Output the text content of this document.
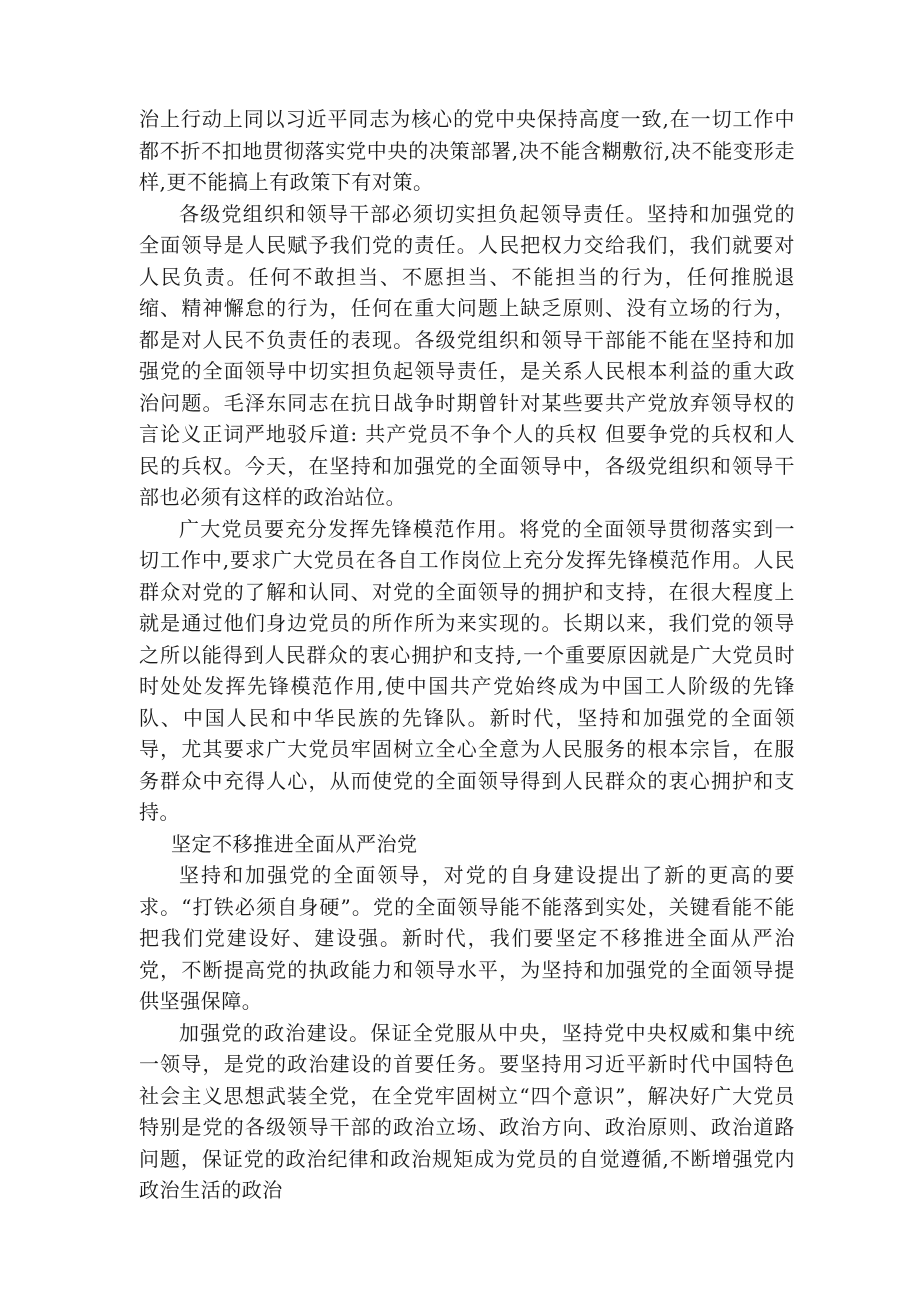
治上行动上同以习近平同志为核心的党中央保持高度一致,在一切工作中都不折不扣地贯彻落实党中央的决策部署,决不能含糊敷衍,决不能变形走样,更不能搞上有政策下有对策。

各级党组织和领导干部必须切实担负起领导责任。坚持和加强党的全面领导是人民赋予我们党的责任。人民把权力交给我们，我们就要对人民负责。任何不敢担当、不愿担当、不能担当的行为，任何推脱退缩、精神懈怠的行为，任何在重大问题上缺乏原则、没有立场的行为，都是对人民不负责任的表现。各级党组织和领导干部能不能在坚持和加强党的全面领导中切实担负起领导责任，是关系人民根本利益的重大政治问题。毛泽东同志在抗日战争时期曾针对某些要共产党放弃领导权的言论义正词严地驳斥道: 共产党员不争个人的兵权 但要争党的兵权和人民的兵权。今天，在坚持和加强党的全面领导中，各级党组织和领导干部也必须有这样的政治站位。

广大党员要充分发挥先锋模范作用。将党的全面领导贯彻落实到一切工作中,要求广大党员在各自工作岗位上充分发挥先锋模范作用。人民群众对党的了解和认同、对党的全面领导的拥护和支持，在很大程度上就是通过他们身边党员的所作所为来实现的。长期以来，我们党的领导之所以能得到人民群众的衷心拥护和支持,一个重要原因就是广大党员时时处处发挥先锋模范作用,使中国共产党始终成为中国工人阶级的先锋队、中国人民和中华民族的先锋队。新时代，坚持和加强党的全面领导，尤其要求广大党员牢固树立全心全意为人民服务的根本宗旨，在服务群众中充得人心，从而使党的全面领导得到人民群众的衷心拥护和支持。

坚定不移推进全面从严治党

坚持和加强党的全面领导，对党的自身建设提出了新的更高的要求。“打铁必须自身硬”。党的全面领导能不能落到实处，关键看能不能把我们党建设好、建设强。新时代，我们要坚定不移推进全面从严治党，不断提高党的执政能力和领导水平，为坚持和加强党的全面领导提供坚强保障。

加强党的政治建设。保证全党服从中央，坚持党中央权威和集中统一领导，是党的政治建设的首要任务。要坚持用习近平新时代中国特色社会主义思想武装全党，在全党牢固树立“四个意识”，解决好广大党员特别是党的各级领导干部的政治立场、政治方向、政治原则、政治道路问题，保证党的政治纪律和政治规矩成为党员的自觉遵循,不断增强党内政治生活的政治
